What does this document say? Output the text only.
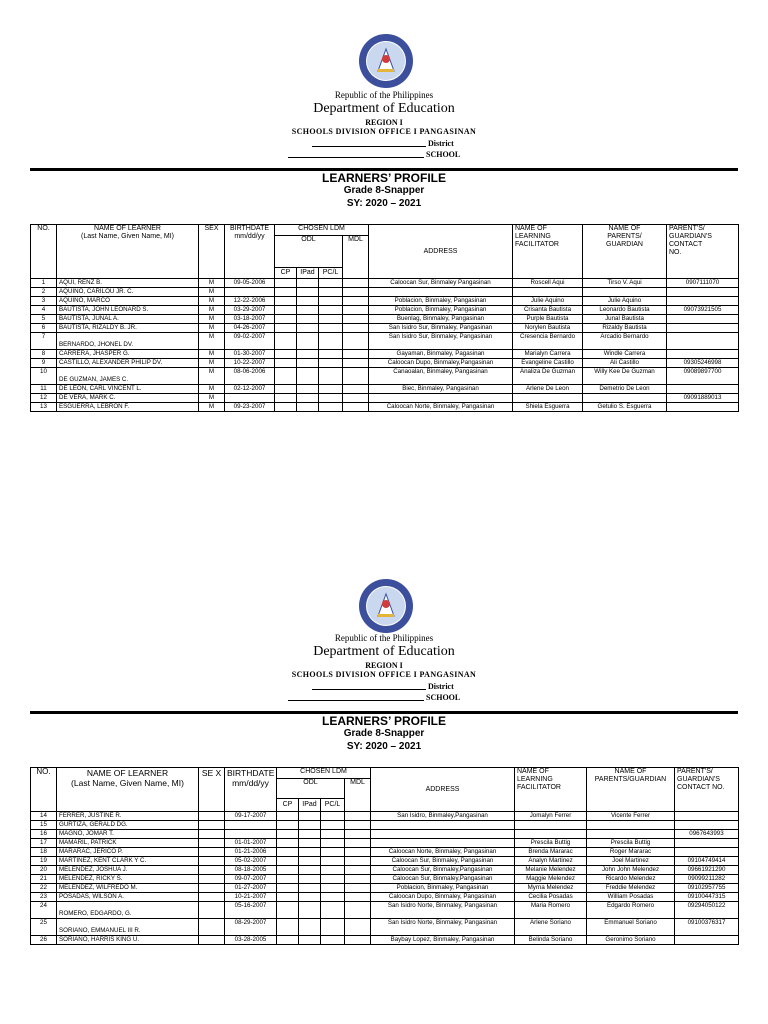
Republic of the Philippines
Department of Education
REGION I
SCHOOLS DIVISION OFFICE I PANGASINAN
District
SCHOOL
LEARNERS’ PROFILE
Grade 8-Snapper
SY: 2020 – 2021
NO.	NAME OF LEARNER
(Last Name, Given Name, MI)	SEX	BIRTHDATE
mm/dd/yy	CHOSEN LDM				ADDRESS	NAME OF
LEARNING
FACILITATOR	NAME OF
PARENTS/
GUARDIAN	PARENT'S/
GUARDIAN'S
CONTACT
NO.
				ODL			MDL				
				CP	IPad	PC/L					
1	AQUI, RENZ B.	M	09-05-2006					Caloocan Sur, Binmaley Pangasinan	Roscell Aqui	Tirso V. Aqui	0907111070
2	AQUINO, CARILOU JR. C.	M									
3	AQUINO, MARCO	M	12-22-2006					Poblacion, Binmaley, Pangasinan	Julie Aquino	Julie Aquino	
4	BAUTISTA, JOHN LEONARD S.	M	03-29-2007					Poblacion, Binmaley, Pangasinan	Crisanta Bautista	Leonardo Bautista	09073921505
5	BAUTISTA, JUNAL A.	M	03-18-2007					Buenlag, Binmaley, Pangasinan	Purple Bautista	Junal Bautista	
6	BAUTISTA, RIZALDY B. JR.	M	04-26-2007					San Isidro Sur, Binmaley, Pangasinan	Norylen Bautista	Rizaldy Bautista	
7	BERNARDO, JHONEL DV.	M	09-02-2007					San Isidro Sur, Binmaley, Pangasinan	Cresencia Bernardo	Arcadio Bernardo	
8	CARRERA, JHASPER G.	M	01-30-2007					Gayaman, Binmaley, Pagasinan	Marialyn Carrera	Windle Carrera	
9	CASTILLO, ALEXANDER PHILIP DV.	M	10-22-2007					Caloocan Dupo, Binmaley,Pangasinan	Evangeline Castillo	Ali Castillo	09305246998
10	DE GUZMAN, JAMES C.	M	08-06-2006					Canaoalan, Binmaley, Pangasinan	Analiza De Guzman	Willy Kee De Guzman	09089897700
11	DE LEON, CARL VINCENT L.	M	02-12-2007					Biec, Binmaley, Pangasinan	Arlene De Leon	Demetrio De Leon	
12	DE VERA, MARK C.	M									09091889013
13	ESGUERRA, LEBRON F.	M	09-23-2007					Caloocan Norte, Binmaley, Pangasinan	Shiela Esguerra	Getulio S. Esguerra	
Republic of the Philippines
Department of Education
REGION I
SCHOOLS DIVISION OFFICE I PANGASINAN
District
SCHOOL
LEARNERS’ PROFILE
Grade 8-Snapper
SY: 2020 – 2021
NO.	NAME OF LEARNER
(Last Name, Given Name, MI)	SE X	BIRTHDATE
mm/dd/yy	CHOSEN LDM				ADDRESS	NAME OF
LEARNING
FACILITATOR	NAME OF
PARENTS/GUARDIAN	PARENT'S/
GUARDIAN'S
CONTACT NO.
				ODL			MDL				
				CP	IPad	PC/L					
14	FERRER, JUSTINE R.		09-17-2007					San Isidro, Binmaley,Pangasinan	Jomalyn Ferrer	Vicente Ferrer	
15	GURTIZA, GERALD DG.										
16	MAGNO, JOMAR T.										0967643993
17	MAMARIL, PATRICK		01-01-2007						Prescila Buttig	Prescila Buttig	
18	MARARAC, JERICO P.		01-21-2006					Caloocan Norte, Binmaley, Pangasinan	Brenda Mararac	Roger Mararac	
19	MARTINEZ, KENT CLARK Y C.		05-02-2007					Caloocan Sur, Binmaley, Pangasinan	Analyn Martinez	Joel Martinez	09104749414
20	MELENDEZ, JOSHUA J.		08-18-2005					Caloocan Sur, Binmaley,Pangasinan	Melanie Melendez	John John Melendez	09661921290
21	MELENDEZ, RICKY S.		09-07-2007					Caloocan Sur, Binmaley,Pangasinan	Maggie Melendez	Ricardo Melendez	09099211282
22	MELENDEZ, WILFREDO M.		01-27-2007					Poblacion, Binmaley, Pangasinan	Myrna Melendez	Freddie Melendez	09102957755
23	POSADAS, WILSON A.		10-21-2007					Caloocan Dupo, Binmaley, Pangasinan	Cecilia Posadas	William Posadas	09100447315
24	ROMERO, EDGARDO, G.		05-16-2007					San Isidro Norte, Binmaley, Pangasinan	Maria Romero	Edgardo Romero	09294050122
25	SORIANO, EMMANUEL III R.		08-29-2007					San Isidro Norte, Binmaley, Pangasinan	Arlene Soriano	Emmanuel Soriano	09100376317
26	SORIANO, HARRIS KING U.		03-28-2005					Baybay Lopez, Binmaley, Pangasinan	Belinda Soriano	Geronimo Soriano	
